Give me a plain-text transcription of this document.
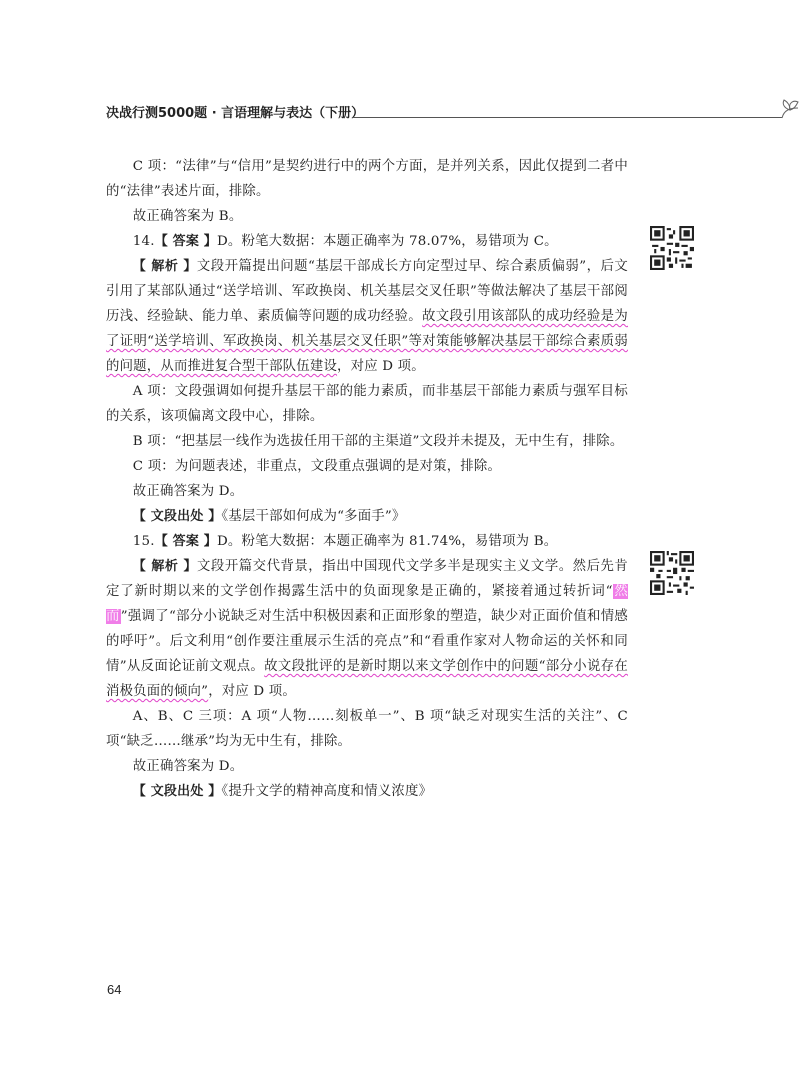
决战行测5000题 · 言语理解与表达（下册）

C 项：“法律”与“信用”是契约进行中的两个方面，是并列关系，因此仅提到二者中的“法律”表述片面，排除。

故正确答案为 B。

14.【 答案 】D。粉笔大数据：本题正确率为 78.07%，易错项为 C。

【 解析 】文段开篇提出问题“基层干部成长方向定型过早、综合素质偏弱”，后文引用了某部队通过“送学培训、军政换岗、机关基层交叉任职”等做法解决了基层干部阅历浅、经验缺、能力单、素质偏等问题的成功经验。故文段引用该部队的成功经验是为了证明“送学培训、军政换岗、机关基层交叉任职”等对策能够解决基层干部综合素质弱的问题，从而推进复合型干部队伍建设，对应 D 项。

A 项：文段强调如何提升基层干部的能力素质，而非基层干部能力素质与强军目标的关系，该项偏离文段中心，排除。

B 项：“把基层一线作为选拔任用干部的主渠道”文段并未提及，无中生有，排除。

C 项：为问题表述，非重点，文段重点强调的是对策，排除。

故正确答案为 D。

【 文段出处 】《基层干部如何成为“多面手”》

15.【 答案 】D。粉笔大数据：本题正确率为 81.74%，易错项为 B。

【 解析 】文段开篇交代背景，指出中国现代文学多半是现实主义文学。然后先肯定了新时期以来的文学创作揭露生活中的负面现象是正确的，紧接着通过转折词“然而”强调了“部分小说缺乏对生活中积极因素和正面形象的塑造，缺少对正面价值和情感的呼吁”。后文利用“创作要注重展示生活的亮点”和“看重作家对人物命运的关怀和同情”从反面论证前文观点。故文段批评的是新时期以来文学创作中的问题“部分小说存在消极负面的倾向”，对应 D 项。

A、B、C 三项：A 项“人物……刻板单一”、B 项“缺乏对现实生活的关注”、C 项“缺乏……继承”均为无中生有，排除。

故正确答案为 D。

【 文段出处 】《提升文学的精神高度和情义浓度》

64
